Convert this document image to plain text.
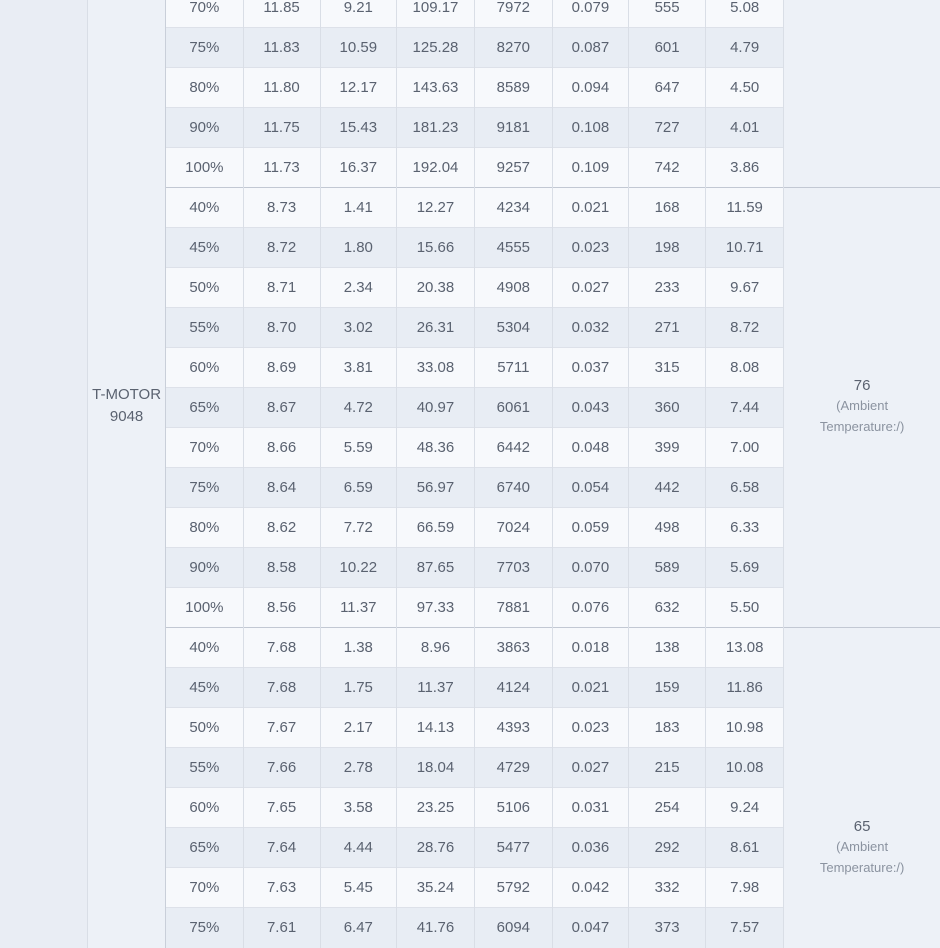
T-MOTOR
9048	70%	11.85	9.21	109.17	7972	0.079	555	5.08	

	75%	11.83	10.59	125.28	8270	0.087	601	4.79	
	80%	11.80	12.17	143.63	8589	0.094	647	4.50	
	90%	11.75	15.43	181.23	9181	0.108	727	4.01	
	100%	11.73	16.37	192.04	9257	0.109	742	3.86	
	40%	8.73	1.41	12.27	4234	0.021	168	11.59	76
(Ambient Temperature:/)

	45%	8.72	1.80	15.66	4555	0.023	198	10.71	
	50%	8.71	2.34	20.38	4908	0.027	233	9.67	
	55%	8.70	3.02	26.31	5304	0.032	271	8.72	
	60%	8.69	3.81	33.08	5711	0.037	315	8.08	
	65%	8.67	4.72	40.97	6061	0.043	360	7.44	
	70%	8.66	5.59	48.36	6442	0.048	399	7.00	
	75%	8.64	6.59	56.97	6740	0.054	442	6.58	
	80%	8.62	7.72	66.59	7024	0.059	498	6.33	
	90%	8.58	10.22	87.65	7703	0.070	589	5.69	
	100%	8.56	11.37	97.33	7881	0.076	632	5.50	
	40%	7.68	1.38	8.96	3863	0.018	138	13.08	65
(Ambient Temperature:/)

	45%	7.68	1.75	11.37	4124	0.021	159	11.86	
	50%	7.67	2.17	14.13	4393	0.023	183	10.98	
	55%	7.66	2.78	18.04	4729	0.027	215	10.08	
	60%	7.65	3.58	23.25	5106	0.031	254	9.24	
	65%	7.64	4.44	28.76	5477	0.036	292	8.61	
	70%	7.63	5.45	35.24	5792	0.042	332	7.98	
	75%	7.61	6.47	41.76	6094	0.047	373	7.57	
